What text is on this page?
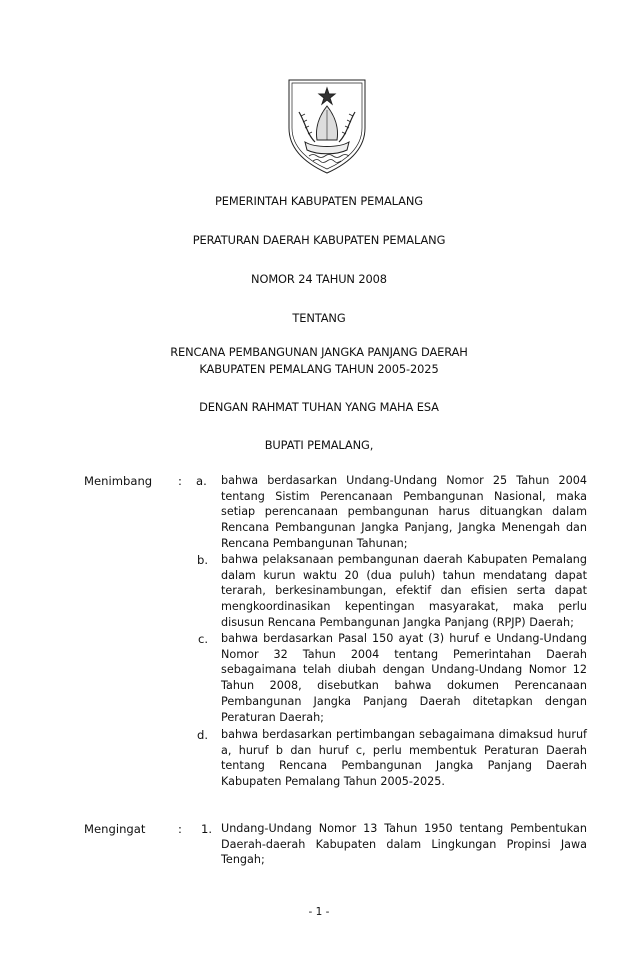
PEMERINTAH KABUPATEN PEMALANG
PERATURAN DAERAH KABUPATEN PEMALANG
NOMOR 24 TAHUN 2008
TENTANG
RENCANA PEMBANGUNAN JANGKA PANJANG DAERAH
KABUPATEN PEMALANG TAHUN 2005-2025
DENGAN RAHMAT TUHAN YANG MAHA ESA
BUPATI PEMALANG,
Menimbang : a. bahwa berdasarkan Undang-Undang Nomor 25 Tahun 2004 tentang Sistim Perencanaan Pembangunan Nasional, maka setiap perencanaan pembangunan harus dituangkan dalam Rencana Pembangunan Jangka Panjang, Jangka Menengah dan Rencana Pembangunan Tahunan;
b. bahwa pelaksanaan pembangunan daerah Kabupaten Pemalang dalam kurun waktu 20 (dua puluh) tahun mendatang dapat terarah, berkesinambungan, efektif dan efisien serta dapat mengkoordinasikan kepentingan masyarakat, maka perlu disusun Rencana Pembangunan Jangka Panjang (RPJP) Daerah;
c. bahwa berdasarkan Pasal 150 ayat (3) huruf e Undang-Undang Nomor 32 Tahun 2004 tentang Pemerintahan Daerah sebagaimana telah diubah dengan Undang-Undang Nomor 12 Tahun 2008, disebutkan bahwa dokumen Perencanaan Pembangunan Jangka Panjang Daerah ditetapkan dengan Peraturan Daerah;
d. bahwa berdasarkan pertimbangan sebagaimana dimaksud huruf a, huruf b dan huruf c, perlu membentuk Peraturan Daerah tentang Rencana Pembangunan Jangka Panjang Daerah Kabupaten Pemalang Tahun 2005-2025.
Mengingat	: 1. Undang-Undang Nomor 13 Tahun 1950 tentang Pembentukan Daerah-daerah Kabupaten dalam Lingkungan Propinsi Jawa Tengah;
- 1 -
